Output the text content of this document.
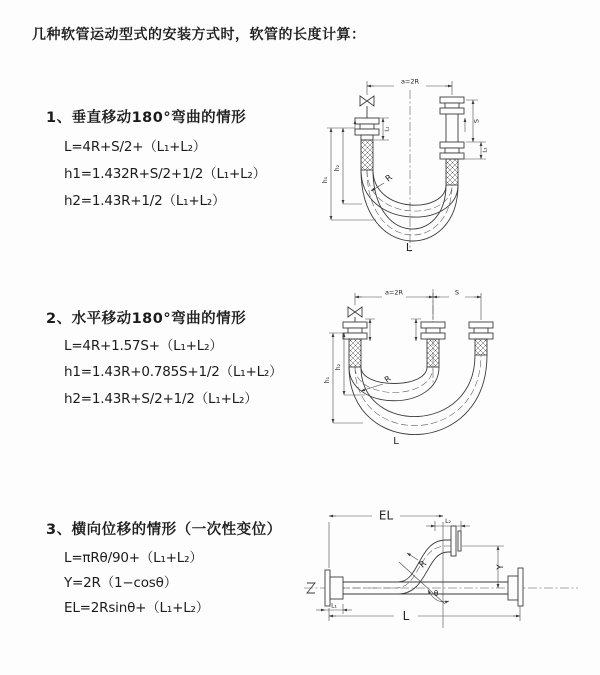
几种软管运动型式的安装方式时，软管的长度计算：
1、垂直移动180°弯曲的情形
L=4R+S/2+（L₁+L₂）
h1=1.432R+S/2+1/2（L₁+L₂）
h2=1.43R+1/2（L₁+L₂）
2、水平移动180°弯曲的情形
L=4R+1.57S+（L₁+L₂）
h1=1.43R+0.785S+1/2（L₁+L₂）
h2=1.43R+S/2+1/2（L₁+L₂）
3、横向位移的情形（一次性变位）
L=πRθ/90+（L₁+L₂）
Y=2R（1−cosθ）
EL=2Rsinθ+（L₁+L₂）
a=2R
h₁
h₂
L₁
S
L₂
R
L
a=2R	S
h₁
h₂
R
L
EL	L₂
Y
θ
R
L
L₁
